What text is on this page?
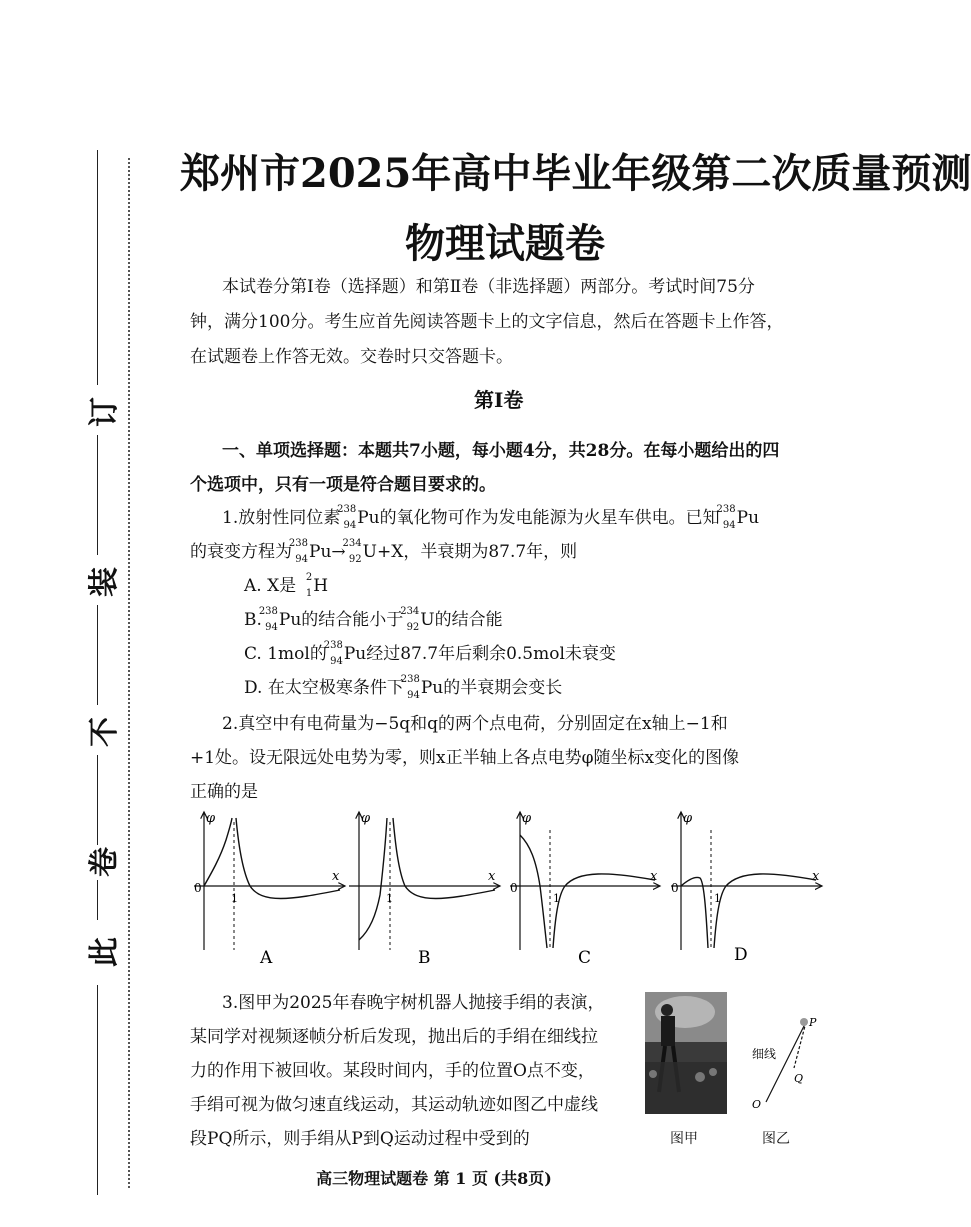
订
装
不
卷
此
郑州市2025年高中毕业年级第二次质量预测
物理试题卷
本试卷分第Ⅰ卷（选择题）和第Ⅱ卷（非选择题）两部分。考试时间75分
钟，满分100分。考生应首先阅读答题卡上的文字信息，然后在答题卡上作答，
在试题卷上作答无效。交卷时只交答题卡。
第Ⅰ卷
一、单项选择题：本题共7小题，每小题4分，共28分。在每小题给出的四
个选项中，只有一项是符合题目要求的。
1.放射性同位素
238
94 Pu的氧化物可作为发电能源为火星车供电。已知
238
94 Pu
的衰变方程为
238
94 Pu→
234
92 U+X，半衰期为87.7年，则
A. X是 2
1 H
B.
238
94 Pu的结合能小于
234
92 U的结合能
C. 1mol的
238
94 Pu经过87.7年后剩余0.5mol未衰变
D. 在太空极寒条件下
238
94 Pu的半衰期会变长
2.真空中有电荷量为−5q和q的两个点电荷，分别固定在x轴上−1和
+1处。设无限远处电势为零，则x正半轴上各点电势φ随坐标x变化的图像
正确的是
φ
x
0
1
A
φ
x
1
B
φ
x
0
1
C
φ
x
0
1
D
3.图甲为2025年春晚宇树机器人抛接手绢的表演，
某同学对视频逐帧分析后发现，抛出后的手绢在细线拉
力的作用下被回收。某段时间内，手的位置O点不变，
手绢可视为做匀速直线运动，其运动轨迹如图乙中虚线
段PQ所示，则手绢从P到Q运动过程中受到的	图甲
P
Q
O
细线
图乙
高三物理试题卷 第 1 页 (共8页)
